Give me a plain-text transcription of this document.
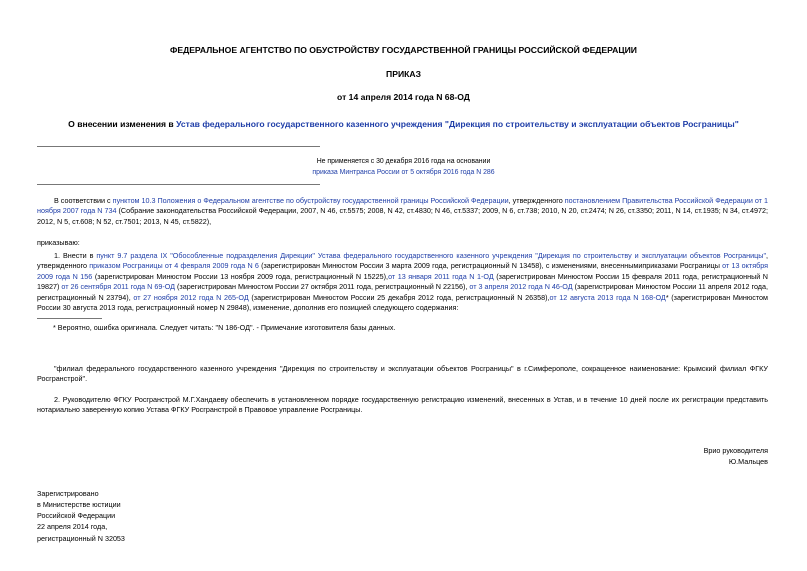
ФЕДЕРАЛЬНОЕ АГЕНТСТВО ПО ОБУСТРОЙСТВУ ГОСУДАРСТВЕННОЙ ГРАНИЦЫ РОССИЙСКОЙ ФЕДЕРАЦИИ
ПРИКАЗ
от 14 апреля 2014 года N 68-ОД
О внесении изменения в Устав федерального государственного казенного учреждения "Дирекция по строительству и эксплуатации объектов Росграницы"
Не применяется с 30 декабря 2016 года на основании
приказа Минтранса России от 5 октября 2016 года N 286
В соответствии с пунктом 10.3 Положения о Федеральном агентстве по обустройству государственной границы Российской Федерации, утвержденного постановлением Правительства Российской Федерации от 1 ноября 2007 года N 734 (Собрание законодательства Российской Федерации, 2007, N 46, ст.5575; 2008, N 42, ст.4830; N 46, ст.5337; 2009, N 6, ст.738; 2010, N 20, ст.2474; N 26, ст.3350; 2011, N 14, ст.1935; N 34, ст.4972; 2012, N 5, ст.608; N 52, ст.7501; 2013, N 45, ст.5822),
приказываю:
1. Внести в пункт 9.7 раздела IX "Обособленные подразделения Дирекции" Устава федерального государственного казенного учреждения "Дирекция по строительству и эксплуатации объектов Росграницы", утвержденного приказом Росграницы от 4 февраля 2009 года N 6 (зарегистрирован Минюстом России 3 марта 2009 года, регистрационный N 13458), с изменениями, внесеннымиприказами Росграницы от 13 октября 2009 года N 156 (зарегистрирован Минюстом России 13 ноября 2009 года, регистрационный N 15225),от 13 января 2011 года N 1-ОД (зарегистрирован Минюстом России 15 февраля 2011 года, регистрационный N 19827) от 26 сентября 2011 года N 69-ОД (зарегистрирован Минюстом России 27 октября 2011 года, регистрационный N 22156), от 3 апреля 2012 года N 46-ОД (зарегистрирован Минюстом России 11 апреля 2012 года, регистрационный N 23794), от 27 ноября 2012 года N 265-ОД (зарегистрирован Минюстом России 25 декабря 2012 года, регистрационный N 26358),от 12 августа 2013 года N 168-ОД* (зарегистрирован Минюстом России 30 августа 2013 года, регистрационный номер N 29848), изменение, дополнив его позицией следующего содержания:
* Вероятно, ошибка оригинала. Следует читать: "N 186-ОД". - Примечание изготовителя базы данных.
"филиал федерального государственного казенного учреждения "Дирекция по строительству и эксплуатации объектов Росграницы" в г.Симферополе, сокращенное наименование: Крымский филиал ФГКУ Росгранстрой".
2. Руководителю ФГКУ Росгранстрой М.Г.Хандаеву обеспечить в установленном порядке государственную регистрацию изменений, внесенных в Устав, и в течение 10 дней после их регистрации представить нотариально заверенную копию Устава ФГКУ Росгранстрой в Правовое управление Росграницы.
Врио руководителя
Ю.Мальцев
Зарегистрировано
в Министерстве юстиции
Российской Федерации
22 апреля 2014 года,
регистрационный N 32053
